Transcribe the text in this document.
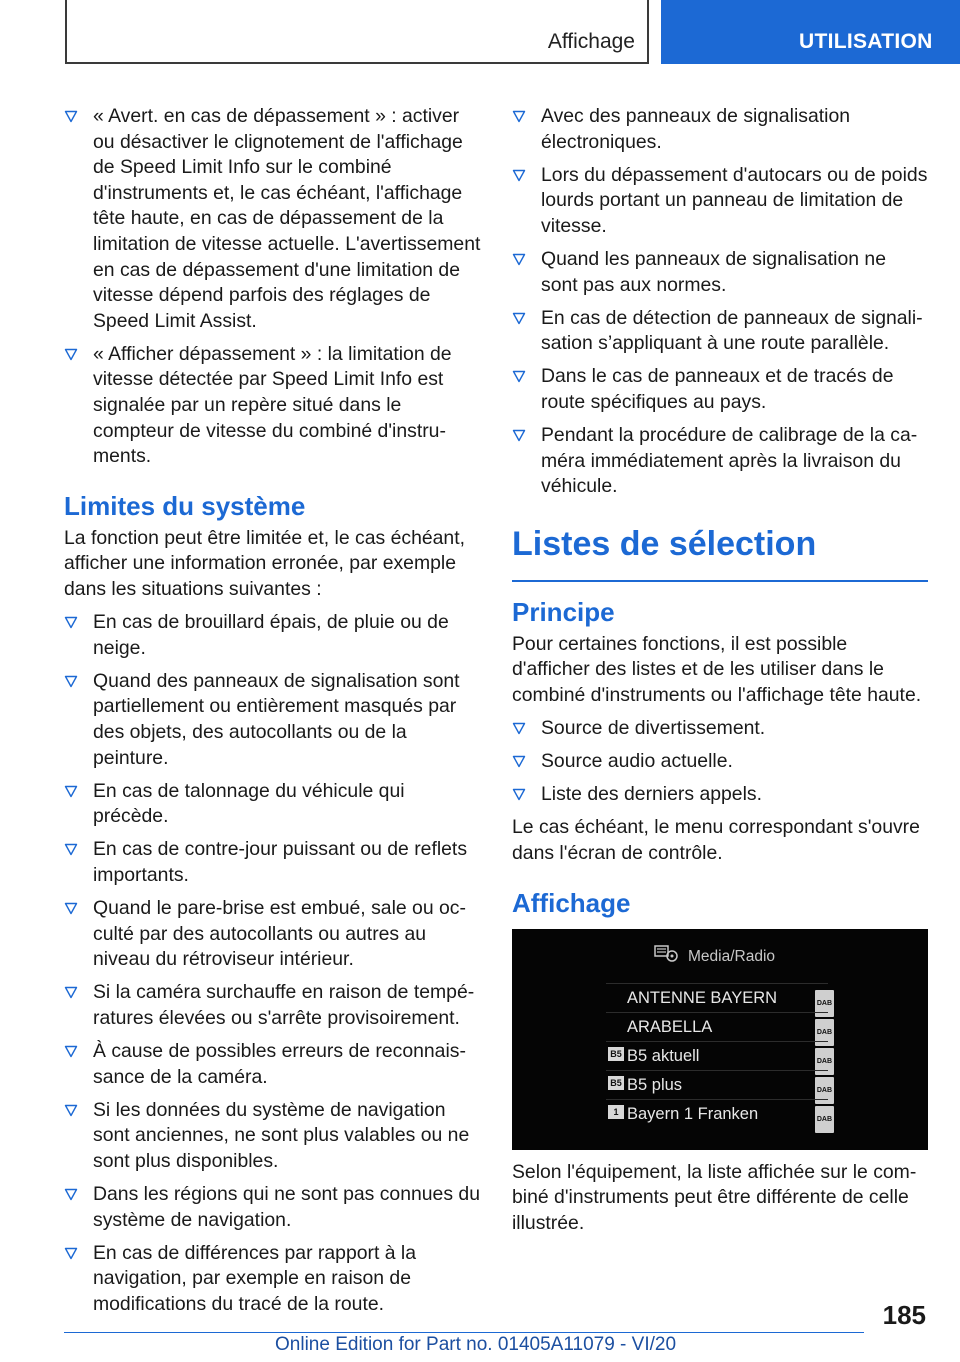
Affichage	UTILISATION
« Avert. en cas de dépassement » : activer ou désactiver le clignotement de l'affichage de Speed Limit Info sur le combiné d'instruments et, le cas échéant, l'affichage tête haute, en cas de dépassement de la limitation de vitesse actuelle. L'avertissement en cas de dépassement d'une limitation de vitesse dépend parfois des réglages de Speed Limit Assist.
« Afficher dépassement » : la limitation de vitesse détectée par Speed Limit Info est signalée par un repère situé dans le compteur de vitesse du combiné d'instruments.
Limites du système
La fonction peut être limitée et, le cas échéant, afficher une information erronée, par exemple dans les situations suivantes :
En cas de brouillard épais, de pluie ou de neige.
Quand des panneaux de signalisation sont partiellement ou entièrement masqués par des objets, des autocollants ou de la peinture.
En cas de talonnage du véhicule qui précède.
En cas de contre-jour puissant ou de reflets importants.
Quand le pare-brise est embué, sale ou occulté par des autocollants ou autres au niveau du rétroviseur intérieur.
Si la caméra surchauffe en raison de températures élevées ou s'arrête provisoirement.
À cause de possibles erreurs de reconnaissance de la caméra.
Si les données du système de navigation sont anciennes, ne sont plus valables ou ne sont plus disponibles.
Dans les régions qui ne sont pas connues du système de navigation.
En cas de différences par rapport à la navigation, par exemple en raison de modifications du tracé de la route.
Avec des panneaux de signalisation électroniques.
Lors du dépassement d'autocars ou de poids lourds portant un panneau de limitation de vitesse.
Quand les panneaux de signalisation ne sont pas aux normes.
En cas de détection de panneaux de signalisation s’appliquant à une route parallèle.
Dans le cas de panneaux et de tracés de route spécifiques au pays.
Pendant la procédure de calibrage de la caméra immédiatement après la livraison du véhicule.
Listes de sélection
Principe
Pour certaines fonctions, il est possible d'afficher des listes et de les utiliser dans le combiné d'instruments ou l'affichage tête haute.
Source de divertissement.
Source audio actuelle.
Liste des derniers appels.
Le cas échéant, le menu correspondant s'ouvre dans l'écran de contrôle.
Affichage
Media/Radio
ANTENNE BAYERN	DAB
ARABELLA	DAB
B5 B5 aktuell	DAB
B5 B5 plus	DAB
1 Bayern 1 Franken	DAB
Selon l'équipement, la liste affichée sur le combiné d'instruments peut être différente de celle illustrée.
185
Online Edition for Part no. 01405A11079 - VI/20
